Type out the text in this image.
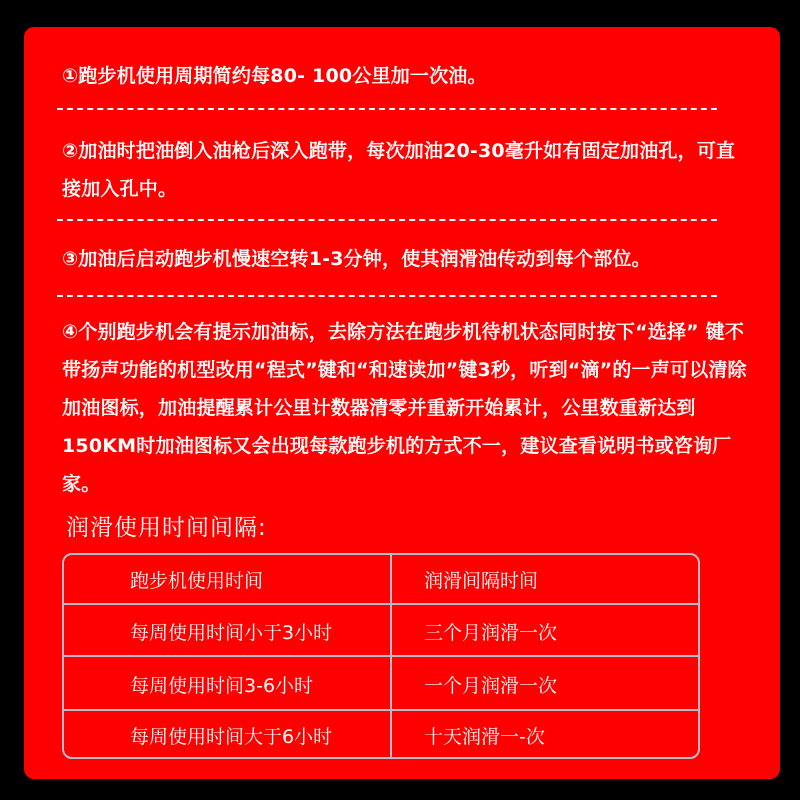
①跑步机使用周期简约每80- 100公里加一次油。
②加油时把油倒入油枪后深入跑带，每次加油20-30毫升如有固定加油孔，可直接加入孔中。
③加油后启动跑步机慢速空转1-3分钟，使其润滑油传动到每个部位。
④个别跑步机会有提示加油标，去除方法在跑步机待机状态同时按下“选择” 键不带扬声功能的机型改用“程式”键和“和速读加”键3秒，听到“滴”的一声可以清除加油图标，加油提醒累计公里计数器清零并重新开始累计，公里数重新达到150KM时加油图标又会出现每款跑步机的方式不一，建议查看说明书或咨询厂家。
润滑使用时间间隔:
跑步机使用时间	润滑间隔时间
每周使用时间小于3小时	三个月润滑一次
每周使用时间3-6小时	一个月润滑一次
每周使用时间大于6小时	十天润滑一-次
